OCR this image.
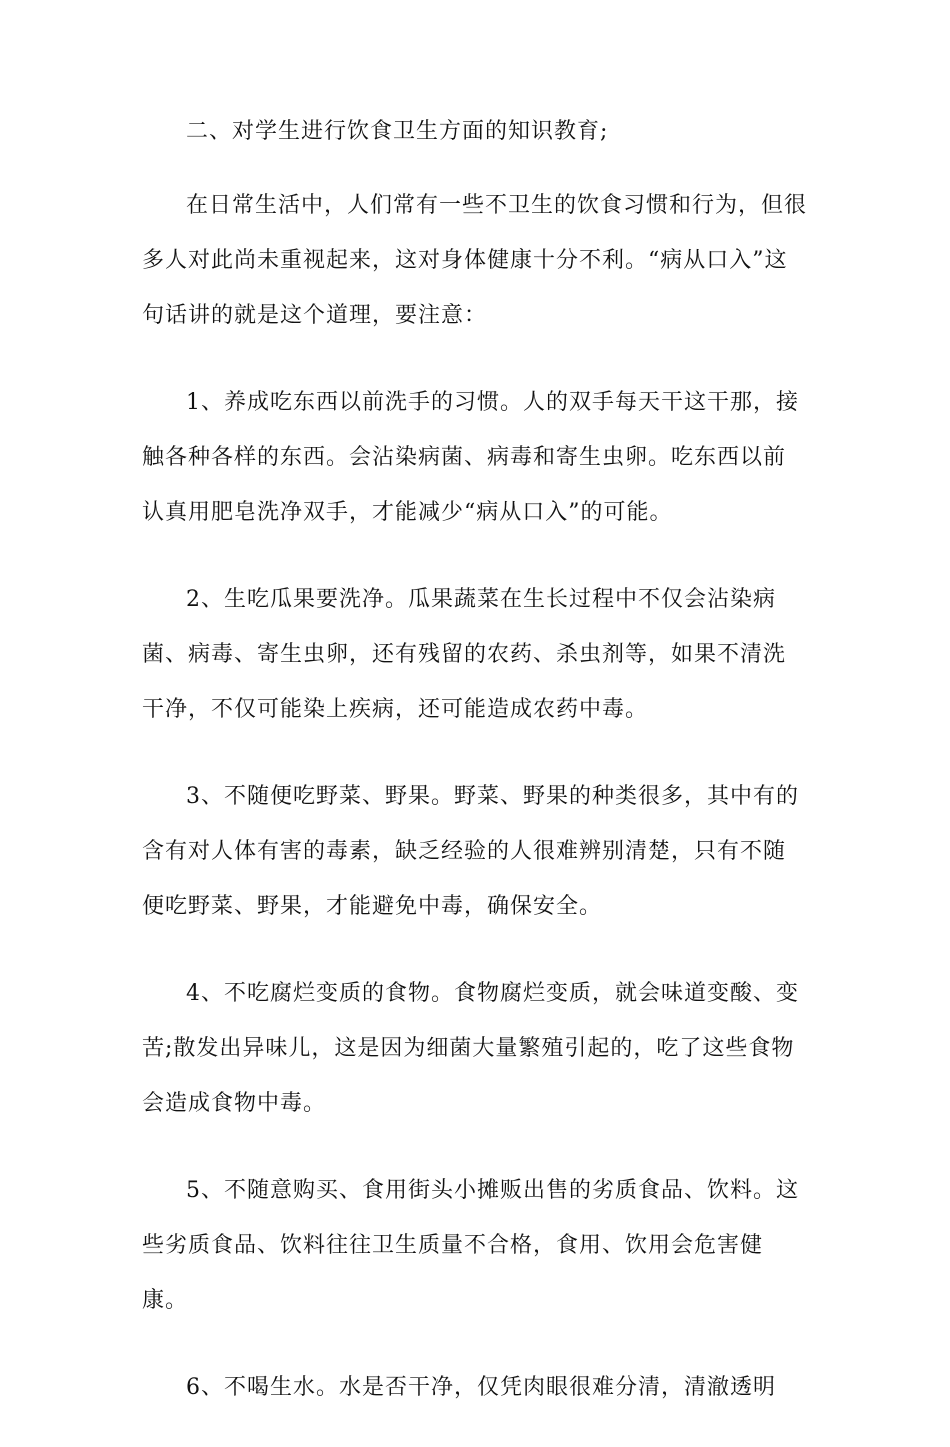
二、对学生进行饮食卫生方面的知识教育;

在日常生活中，人们常有一些不卫生的饮食习惯和行为，但很多人对此尚未重视起来，这对身体健康十分不利。“病从口入”这句话讲的就是这个道理，要注意：

1、养成吃东西以前洗手的习惯。人的双手每天干这干那，接触各种各样的东西。会沾染病菌、病毒和寄生虫卵。吃东西以前认真用肥皂洗净双手，才能减少“病从口入”的可能。

2、生吃瓜果要洗净。瓜果蔬菜在生长过程中不仅会沾染病菌、病毒、寄生虫卵，还有残留的农药、杀虫剂等，如果不清洗干净，不仅可能染上疾病，还可能造成农药中毒。

3、不随便吃野菜、野果。野菜、野果的种类很多，其中有的含有对人体有害的毒素，缺乏经验的人很难辨别清楚，只有不随便吃野菜、野果，才能避免中毒，确保安全。

4、不吃腐烂变质的食物。食物腐烂变质，就会味道变酸、变苦;散发出异味儿，这是因为细菌大量繁殖引起的，吃了这些食物会造成食物中毒。

5、不随意购买、食用街头小摊贩出售的劣质食品、饮料。这些劣质食品、饮料往往卫生质量不合格，食用、饮用会危害健康。

6、不喝生水。水是否干净，仅凭肉眼很难分清，清澈透明
